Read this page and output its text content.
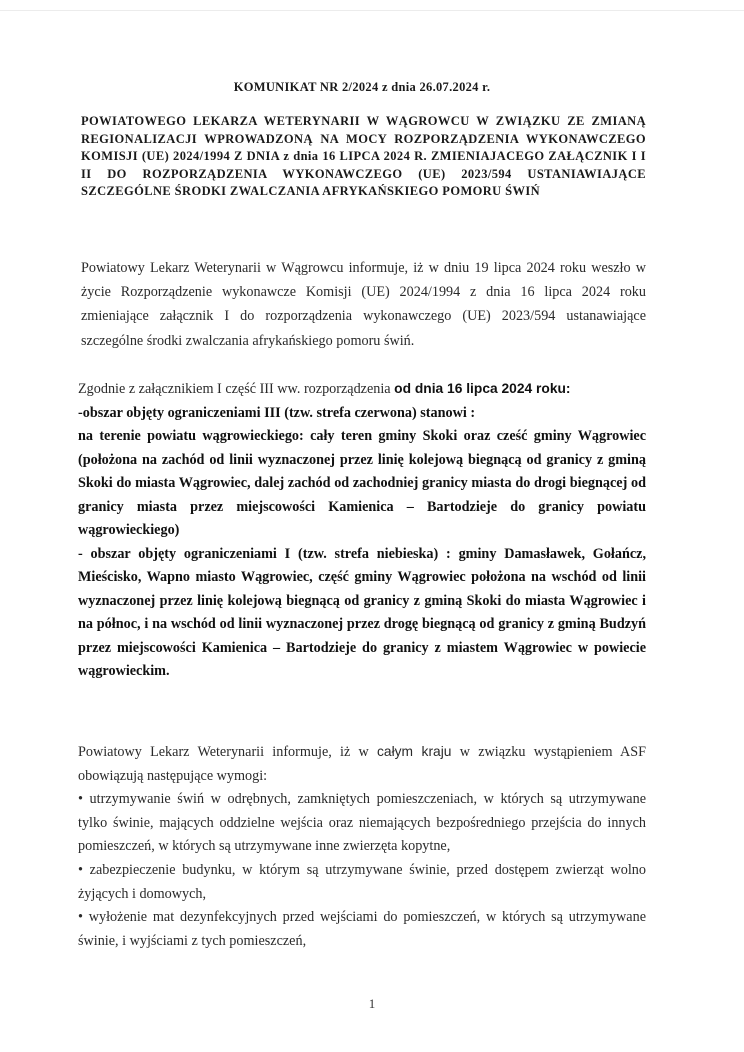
KOMUNIKAT NR 2/2024 z dnia 26.07.2024 r.
POWIATOWEGO LEKARZA WETERYNARII W WĄGROWCU W ZWIĄZKU ZE ZMIANĄ REGIONALIZACJI WPROWADZONĄ NA MOCY ROZPORZĄDZENIA WYKONAWCZEGO KOMISJI (UE) 2024/1994 Z DNIA z dnia 16 LIPCA 2024 R. ZMIENIAJACEGO ZAŁĄCZNIK I I II DO ROZPORZĄDZENIA WYKONAWCZEGO (UE) 2023/594 USTANIAWIAJĄCE SZCZEGÓLNE ŚRODKI ZWALCZANIA AFRYKAŃSKIEGO POMORU ŚWIŃ
Powiatowy Lekarz Weterynarii w Wągrowcu informuje, iż w dniu 19 lipca 2024 roku weszło w życie Rozporządzenie wykonawcze Komisji (UE) 2024/1994 z dnia 16 lipca 2024 roku zmieniające załącznik I do rozporządzenia wykonawczego (UE) 2023/594 ustanawiające szczególne środki zwalczania afrykańskiego pomoru świń.
Zgodnie z załącznikiem I część III ww. rozporządzenia od dnia 16 lipca 2024 roku:
-obszar objęty ograniczeniami III (tzw. strefa czerwona) stanowi :
na terenie powiatu wągrowieckiego: cały teren gminy Skoki oraz cześć gminy Wągrowiec (położona na zachód od linii wyznaczonej przez linię kolejową biegnącą od granicy z gminą Skoki do miasta Wągrowiec, dalej zachód od zachodniej granicy miasta do drogi biegnącej od granicy miasta przez miejscowości Kamienica – Bartodzieje do granicy powiatu wągrowieckiego)
- obszar objęty ograniczeniami I (tzw. strefa niebieska) : gminy Damasławek, Gołańcz, Mieścisko, Wapno miasto Wągrowiec, część gminy Wągrowiec położona na wschód od linii wyznaczonej przez linię kolejową biegnącą od granicy z gminą Skoki do miasta Wągrowiec i na północ, i na wschód od linii wyznaczonej przez drogę biegnącą od granicy z gminą Budzyń przez miejscowości Kamienica – Bartodzieje do granicy z miastem Wągrowiec w powiecie wągrowieckim.
Powiatowy Lekarz Weterynarii informuje, iż w całym kraju w związku wystąpieniem ASF obowiązują następujące wymogi:
• utrzymywanie świń w odrębnych, zamkniętych pomieszczeniach, w których są utrzymywane tylko świnie, mających oddzielne wejścia oraz niemających bezpośredniego przejścia do innych pomieszczeń, w których są utrzymywane inne zwierzęta kopytne,
• zabezpieczenie budynku, w którym są utrzymywane świnie, przed dostępem zwierząt wolno żyjących i domowych,
• wyłożenie mat dezynfekcyjnych przed wejściami do pomieszczeń, w których są utrzymywane świnie, i wyjściami z tych pomieszczeń,
1
